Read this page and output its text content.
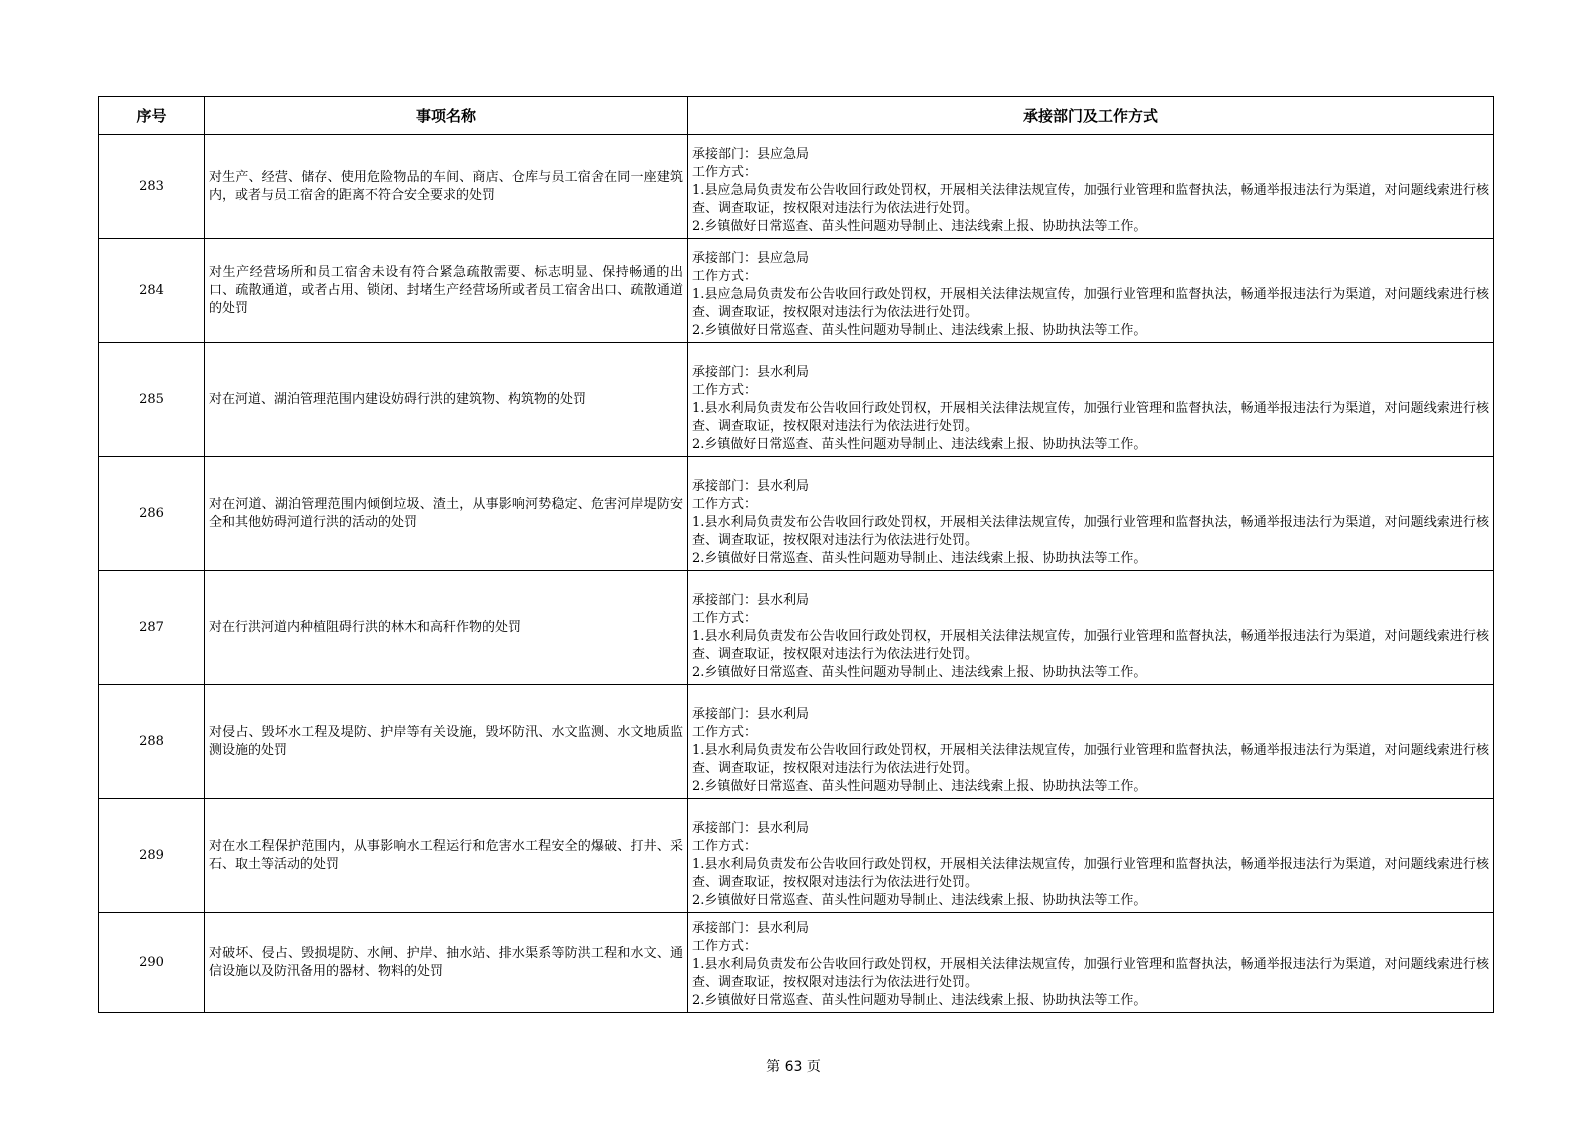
序号	事项名称	承接部门及工作方式
283	对生产、经营、储存、使用危险物品的车间、商店、仓库与员工宿舍在同一座建筑内，或者与员工宿舍的距离不符合安全要求的处罚	承接部门：县应急局
工作方式：
1.县应急局负责发布公告收回行政处罚权，开展相关法律法规宣传，加强行业管理和监督执法，畅通举报违法行为渠道，对问题线索进行核查、调查取证，按权限对违法行为依法进行处罚。
2.乡镇做好日常巡查、苗头性问题劝导制止、违法线索上报、协助执法等工作。

284	对生产经营场所和员工宿舍未设有符合紧急疏散需要、标志明显、保持畅通的出口、疏散通道，或者占用、锁闭、封堵生产经营场所或者员工宿舍出口、疏散通道的处罚	承接部门：县应急局
工作方式：
1.县应急局负责发布公告收回行政处罚权，开展相关法律法规宣传，加强行业管理和监督执法，畅通举报违法行为渠道，对问题线索进行核查、调查取证，按权限对违法行为依法进行处罚。
2.乡镇做好日常巡查、苗头性问题劝导制止、违法线索上报、协助执法等工作。

285	对在河道、湖泊管理范围内建设妨碍行洪的建筑物、构筑物的处罚	承接部门：县水利局
工作方式：
1.县水利局负责发布公告收回行政处罚权，开展相关法律法规宣传，加强行业管理和监督执法，畅通举报违法行为渠道，对问题线索进行核查、调查取证，按权限对违法行为依法进行处罚。
2.乡镇做好日常巡查、苗头性问题劝导制止、违法线索上报、协助执法等工作。

286	对在河道、湖泊管理范围内倾倒垃圾、渣土，从事影响河势稳定、危害河岸堤防安全和其他妨碍河道行洪的活动的处罚	承接部门：县水利局
工作方式：
1.县水利局负责发布公告收回行政处罚权，开展相关法律法规宣传，加强行业管理和监督执法，畅通举报违法行为渠道，对问题线索进行核查、调查取证，按权限对违法行为依法进行处罚。
2.乡镇做好日常巡查、苗头性问题劝导制止、违法线索上报、协助执法等工作。

287	对在行洪河道内种植阻碍行洪的林木和高秆作物的处罚	承接部门：县水利局
工作方式：
1.县水利局负责发布公告收回行政处罚权，开展相关法律法规宣传，加强行业管理和监督执法，畅通举报违法行为渠道，对问题线索进行核查、调查取证，按权限对违法行为依法进行处罚。
2.乡镇做好日常巡查、苗头性问题劝导制止、违法线索上报、协助执法等工作。

288	对侵占、毁坏水工程及堤防、护岸等有关设施，毁坏防汛、水文监测、水文地质监测设施的处罚	承接部门：县水利局
工作方式：
1.县水利局负责发布公告收回行政处罚权，开展相关法律法规宣传，加强行业管理和监督执法，畅通举报违法行为渠道，对问题线索进行核查、调查取证，按权限对违法行为依法进行处罚。
2.乡镇做好日常巡查、苗头性问题劝导制止、违法线索上报、协助执法等工作。

289	对在水工程保护范围内，从事影响水工程运行和危害水工程安全的爆破、打井、采石、取土等活动的处罚	承接部门：县水利局
工作方式：
1.县水利局负责发布公告收回行政处罚权，开展相关法律法规宣传，加强行业管理和监督执法，畅通举报违法行为渠道，对问题线索进行核查、调查取证，按权限对违法行为依法进行处罚。
2.乡镇做好日常巡查、苗头性问题劝导制止、违法线索上报、协助执法等工作。

290	对破坏、侵占、毁损堤防、水闸、护岸、抽水站、排水渠系等防洪工程和水文、通信设施以及防汛备用的器材、物料的处罚	承接部门：县水利局
工作方式：
1.县水利局负责发布公告收回行政处罚权，开展相关法律法规宣传，加强行业管理和监督执法，畅通举报违法行为渠道，对问题线索进行核查、调查取证，按权限对违法行为依法进行处罚。
2.乡镇做好日常巡查、苗头性问题劝导制止、违法线索上报、协助执法等工作。
第 63 页
